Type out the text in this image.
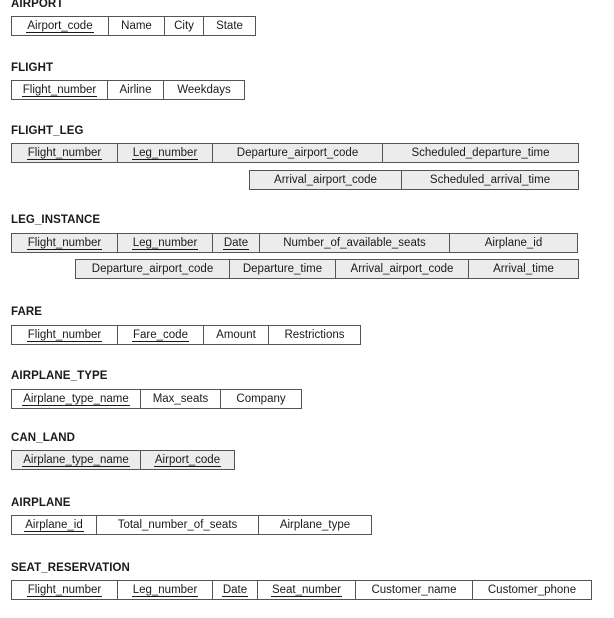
AIRPORT
Airport_code	Name	City	State
FLIGHT
Flight_number	Airline	Weekdays
FLIGHT_LEG
Flight_number	Leg_number	Departure_airport_code	Scheduled_departure_time
Arrival_airport_code	Scheduled_arrival_time
LEG_INSTANCE
Flight_number	Leg_number	Date	Number_of_available_seats	Airplane_id
Departure_airport_code	Departure_time	Arrival_airport_code	Arrival_time
FARE
Flight_number	Fare_code	Amount	Restrictions
AIRPLANE_TYPE
Airplane_type_name	Max_seats	Company
CAN_LAND
Airplane_type_name	Airport_code
AIRPLANE
Airplane_id	Total_number_of_seats	Airplane_type
SEAT_RESERVATION
Flight_number	Leg_number	Date	Seat_number	Customer_name	Customer_phone
